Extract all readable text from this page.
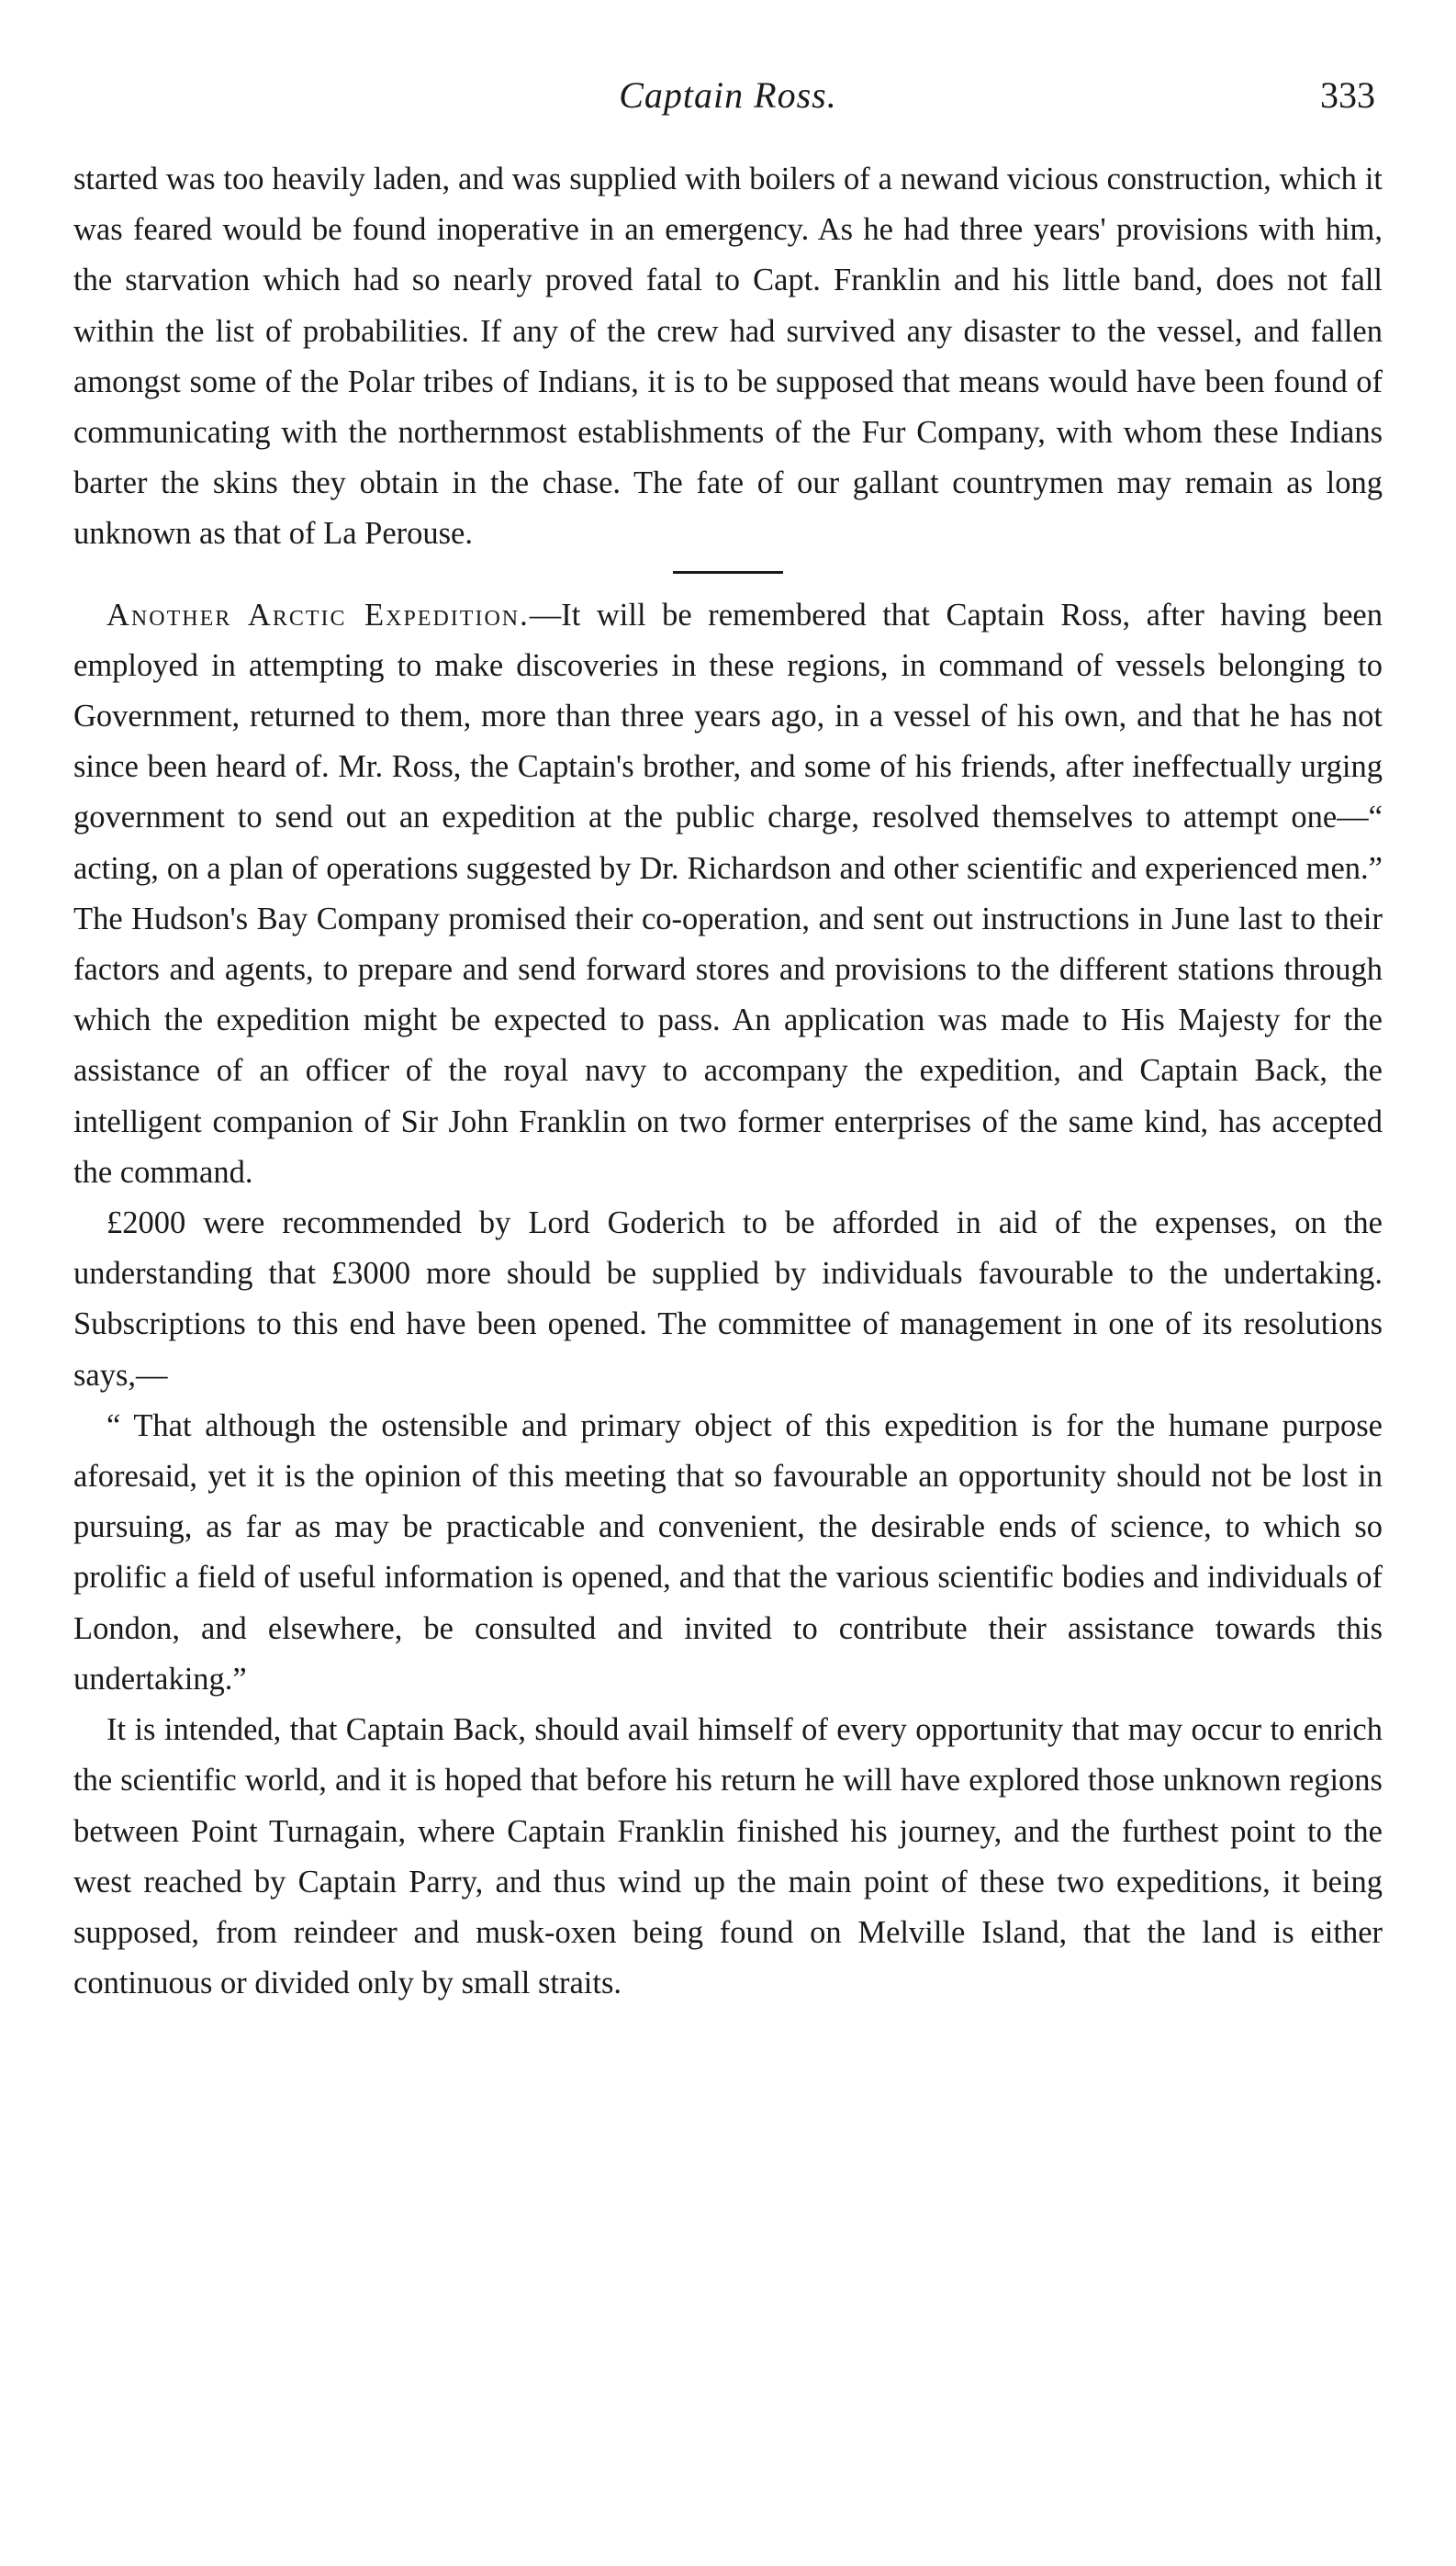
Captain Ross.	333

started was too heavily laden, and was supplied with boilers of a newand vicious construction, which it was feared would be found inoperative in an emergency. As he had three years' provisions with him, the starvation which had so nearly proved fatal to Capt. Franklin and his little band, does not fall within the list of probabilities. If any of the crew had survived any disaster to the vessel, and fallen amongst some of the Polar tribes of Indians, it is to be supposed that means would have been found of communicating with the northernmost establishments of the Fur Company, with whom these Indians barter the skins they obtain in the chase. The fate of our gallant countrymen may remain as long unknown as that of La Perouse.

Another Arctic Expedition.—It will be remembered that Captain Ross, after having been employed in attempting to make discoveries in these regions, in command of vessels belonging to Government, returned to them, more than three years ago, in a vessel of his own, and that he has not since been heard of. Mr. Ross, the Captain's brother, and some of his friends, after ineffectually urging government to send out an expedition at the public charge, resolved themselves to attempt one—“ acting, on a plan of operations suggested by Dr. Richardson and other scientific and experienced men.” The Hudson's Bay Company promised their co-operation, and sent out instructions in June last to their factors and agents, to prepare and send forward stores and provisions to the different stations through which the expedition might be expected to pass. An application was made to His Majesty for the assistance of an officer of the royal navy to accompany the expedition, and Captain Back, the intelligent companion of Sir John Franklin on two former enterprises of the same kind, has accepted the command.

£2000 were recommended by Lord Goderich to be afforded in aid of the expenses, on the understanding that £3000 more should be supplied by individuals favourable to the undertaking. Subscriptions to this end have been opened. The committee of management in one of its resolutions says,—

“ That although the ostensible and primary object of this expedition is for the humane purpose aforesaid, yet it is the opinion of this meeting that so favourable an opportunity should not be lost in pursuing, as far as may be practicable and convenient, the desirable ends of science, to which so prolific a field of useful information is opened, and that the various scientific bodies and individuals of London, and elsewhere, be consulted and invited to contribute their assistance towards this undertaking.”

It is intended, that Captain Back, should avail himself of every opportunity that may occur to enrich the scientific world, and it is hoped that before his return he will have explored those unknown regions between Point Turnagain, where Captain Franklin finished his journey, and the furthest point to the west reached by Captain Parry, and thus wind up the main point of these two expeditions, it being supposed, from reindeer and musk-oxen being found on Melville Island, that the land is either continuous or divided only by small straits.
